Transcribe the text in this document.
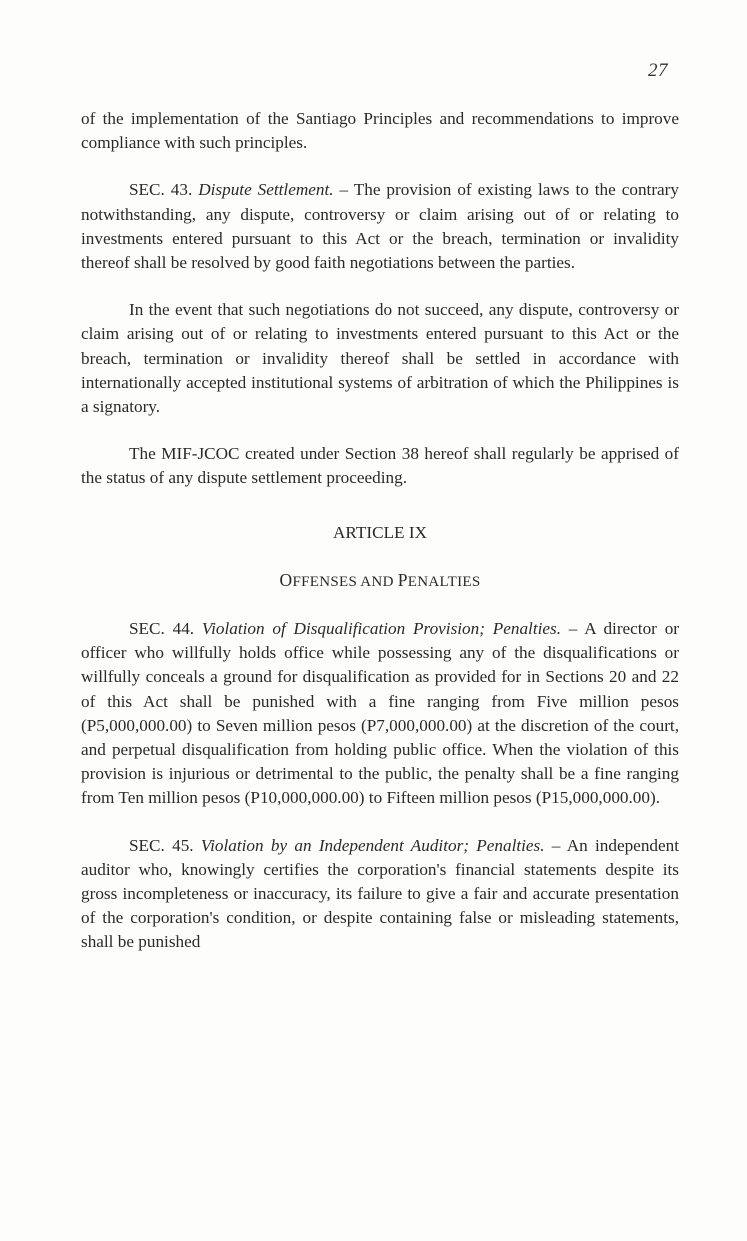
27

of the implementation of the Santiago Principles and recommendations to improve compliance with such principles.

SEC. 43. Dispute Settlement. – The provision of existing laws to the contrary notwithstanding, any dispute, controversy or claim arising out of or relating to investments entered pursuant to this Act or the breach, termination or invalidity thereof shall be resolved by good faith negotiations between the parties.

In the event that such negotiations do not succeed, any dispute, controversy or claim arising out of or relating to investments entered pursuant to this Act or the breach, termination or invalidity thereof shall be settled in accordance with internationally accepted institutional systems of arbitration of which the Philippines is a signatory.

The MIF-JCOC created under Section 38 hereof shall regularly be apprised of the status of any dispute settlement proceeding.

ARTICLE IX
OFFENSES AND PENALTIES

SEC. 44. Violation of Disqualification Provision; Penalties. – A director or officer who willfully holds office while possessing any of the disqualifications or willfully conceals a ground for disqualification as provided for in Sections 20 and 22 of this Act shall be punished with a fine ranging from Five million pesos (P5,000,000.00) to Seven million pesos (P7,000,000.00) at the discretion of the court, and perpetual disqualification from holding public office. When the violation of this provision is injurious or detrimental to the public, the penalty shall be a fine ranging from Ten million pesos (P10,000,000.00) to Fifteen million pesos (P15,000,000.00).

SEC. 45. Violation by an Independent Auditor; Penalties. – An independent auditor who, knowingly certifies the corporation's financial statements despite its gross incompleteness or inaccuracy, its failure to give a fair and accurate presentation of the corporation's condition, or despite containing false or misleading statements, shall be punished
